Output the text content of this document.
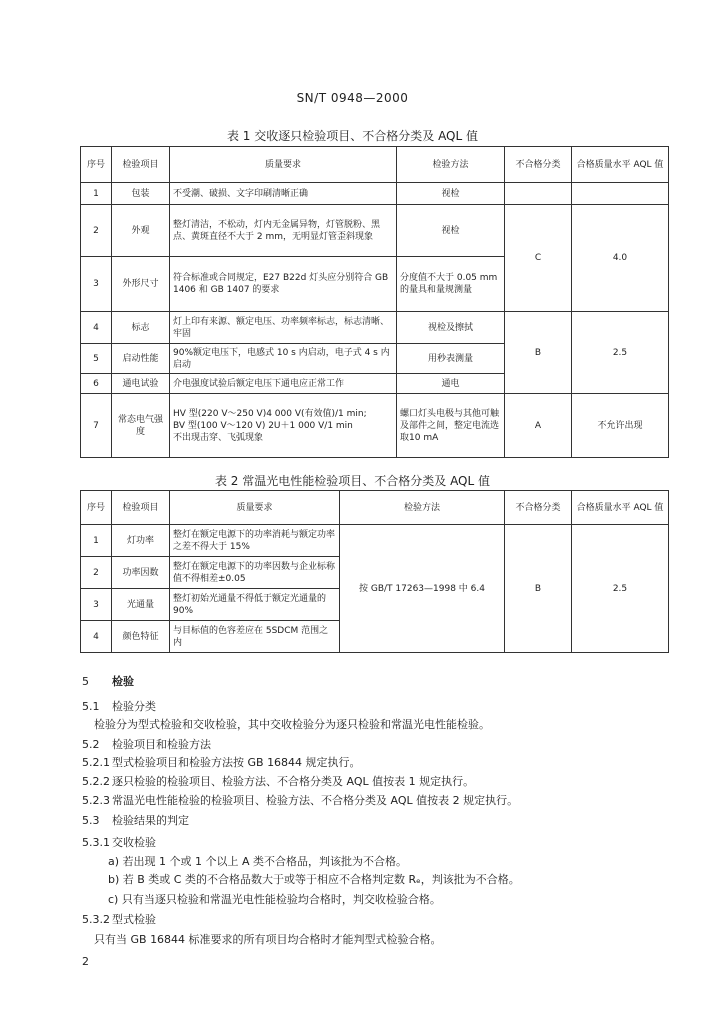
SN/T 0948—2000
表 1 交收逐只检验项目、不合格分类及 AQL 值
序号	检验项目	质量要求	检验方法	不合格分类	合格质量水平 AQL 值
1	包装	不受潮、破损、文字印刷清晰正确	视检		
2	外观	整灯清洁，不松动，灯内无金属异物，灯管脱粉、黑点、黄斑直径不大于 2 mm，无明显灯管歪斜现象	视检	C	4.0
3	外形尺寸	符合标准或合同规定，E27 B22d 灯头应分别符合 GB 1406 和 GB 1407 的要求	分度值不大于 0.05 mm 的量具和量规测量		
4	标志	灯上印有来源、额定电压、功率频率标志，标志清晰、牢固	视检及擦拭	B	2.5
5	启动性能	90%额定电压下，电感式 10 s 内启动，电子式 4 s 内启动	用秒表测量		
6	通电试验	介电强度试验后额定电压下通电应正常工作	通电		
7	常态电气强度	HV 型(220 V～250 V)4 000 V(有效值)/1 min;
BV 型(100 V～120 V) 2U＋1 000 V/1 min
不出现击穿、飞弧现象	螺口灯头电极与其他可触及部件之间，整定电流选取10 mA	A	不允许出现
表 2 常温光电性能检验项目、不合格分类及 AQL 值
序号	检验项目	质量要求	检验方法	不合格分类	合格质量水平 AQL 值
1	灯功率	整灯在额定电源下的功率消耗与额定功率之差不得大于 15%	按 GB/T 17263—1998 中 6.4	B	2.5
2	功率因数	整灯在额定电源下的功率因数与企业标称值不得相差±0.05			
3	光通量	整灯初始光通量不得低于额定光通量的 90%			
4	颜色特征	与目标值的色容差应在 5SDCM 范围之内			
5 检验
5.1 检验分类
检验分为型式检验和交收检验，其中交收检验分为逐只检验和常温光电性能检验。
5.2 检验项目和检验方法
5.2.1 型式检验项目和检验方法按 GB 16844 规定执行。
5.2.2 逐只检验的检验项目、检验方法、不合格分类及 AQL 值按表 1 规定执行。
5.2.3 常温光电性能检验的检验项目、检验方法、不合格分类及 AQL 值按表 2 规定执行。
5.3 检验结果的判定
5.3.1 交收检验
a) 若出现 1 个或 1 个以上 A 类不合格品，判该批为不合格。
b) 若 B 类或 C 类的不合格品数大于或等于相应不合格判定数 Rₑ，判该批为不合格。
c) 只有当逐只检验和常温光电性能检验均合格时，判交收检验合格。
5.3.2 型式检验
只有当 GB 16844 标准要求的所有项目均合格时才能判型式检验合格。
2
